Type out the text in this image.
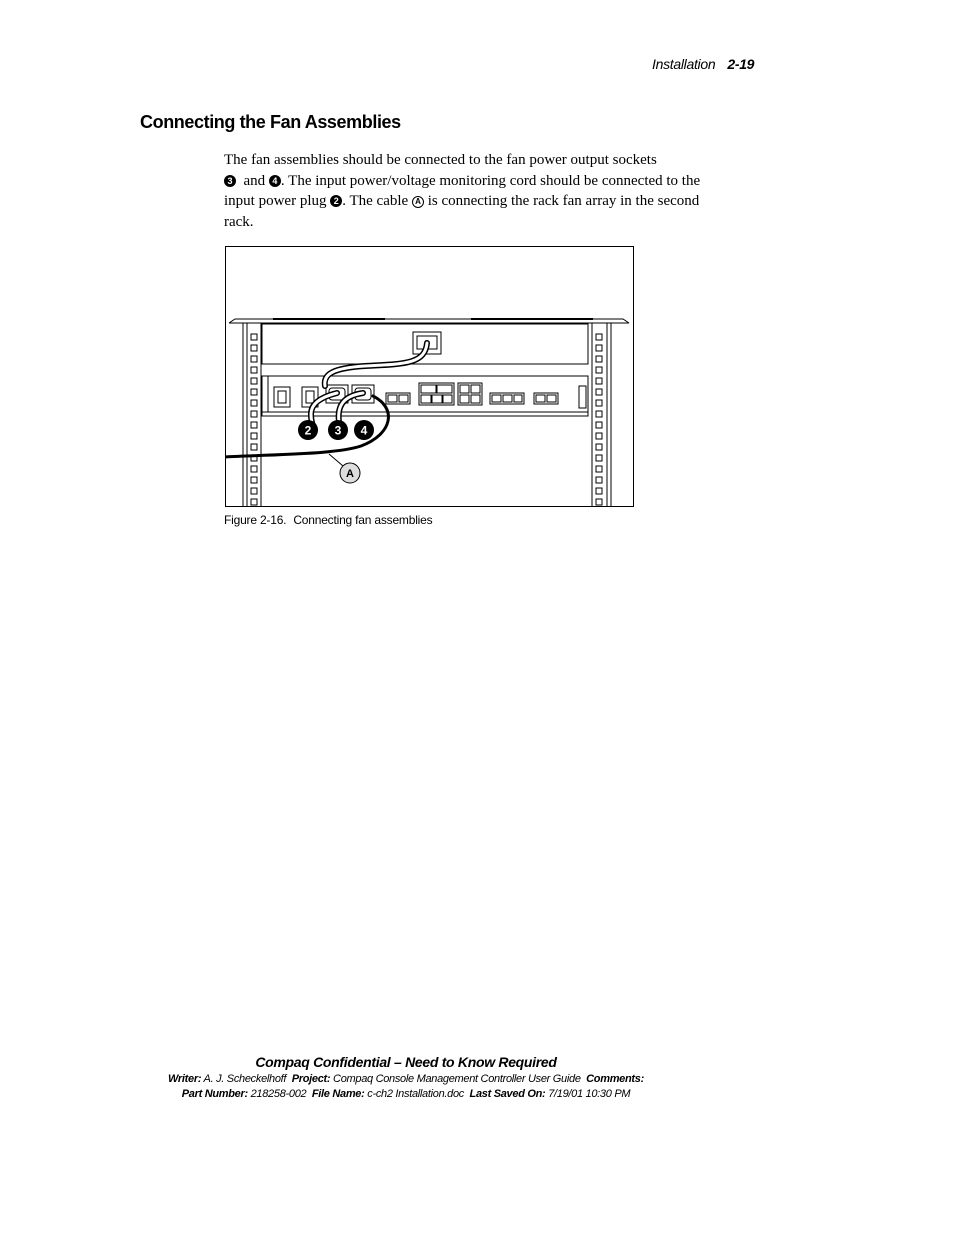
Installation 2-19
Connecting the Fan Assemblies

The fan assemblies should be connected to the fan power output sockets
3 and 4 . The input power/voltage monitoring cord should be connected to the input power plug 2 . The cable A is connecting the rack fan array in the second rack.

2 3 4
A
Figure 2-16. Connecting fan assemblies
Compaq Confidential – Need to Know Required
Writer: A. J. Scheckelhoff Project: Compaq Console Management Controller User Guide Comments:
Part Number: 218258-002 File Name: c-ch2 Installation.doc Last Saved On: 7/19/01 10:30 PM
